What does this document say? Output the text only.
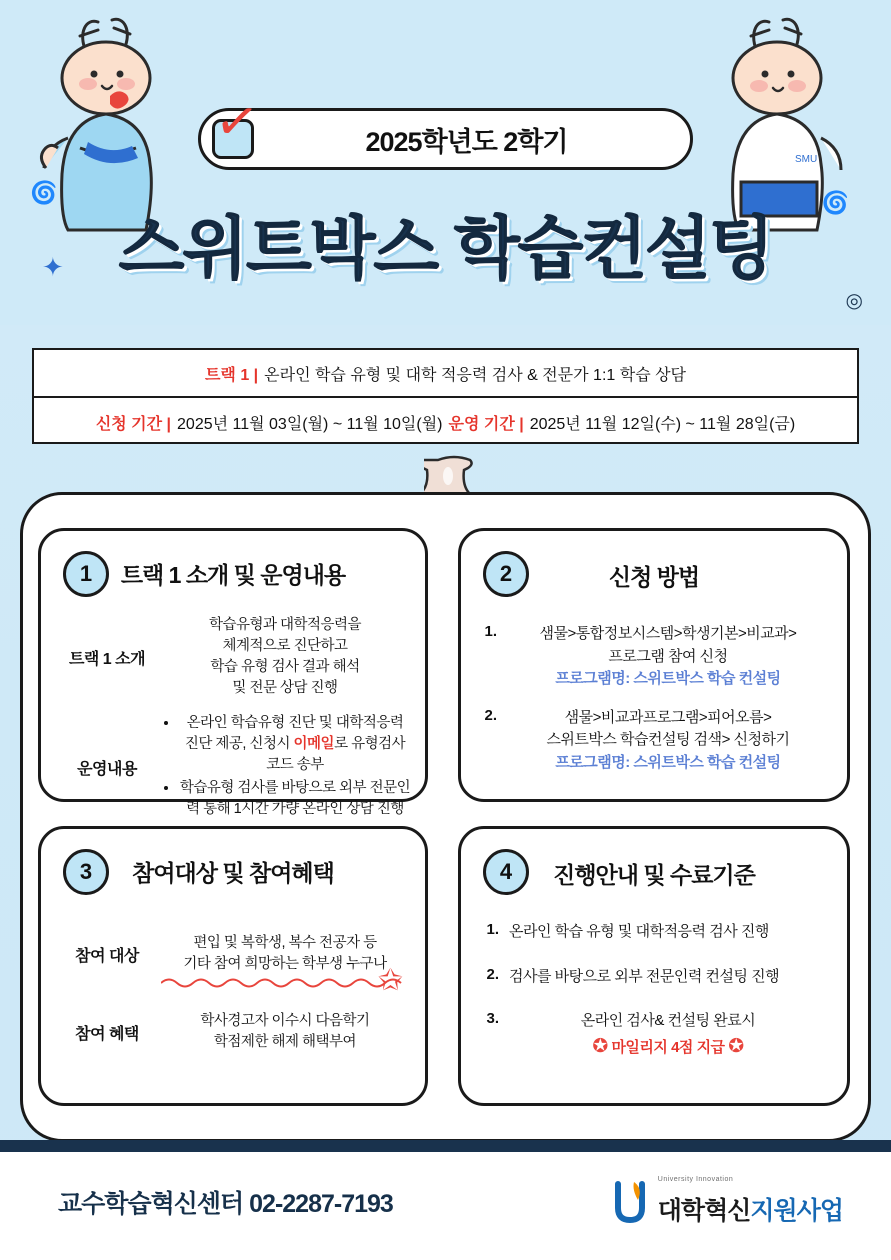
SMU
✦
🌀	🌀
◎
2025학년도 2학기
✓
스위트박스 학습컨설팅
트랙 1 | 온라인 학습 유형 및 대학 적응력 검사 & 전문가 1:1 학습 상담
신청 기간 | 2025년 11월 03일(월) ~ 11월 10일(월) 운영 기간 | 2025년 11월 12일(수) ~ 11월 28일(금)
1	트랙 1 소개 및 운영내용
트랙 1 소개
학습유형과 대학적응력을
체계적으로 진단하고
학습 유형 검사 결과 해석
및 전문 상담 진행
운영내용
• 온라인 학습유형 진단 및 대학적응력 진단 제공, 신청시 이메일로 유형검사 코드 송부
• 학습유형 검사를 바탕으로 외부 전문인력 통해 1시간 가량 온라인 상담 진행
2	신청 방법
1.	샘물>통합정보시스템>학생기본>비교과>
프로그램 참여 신청
프로그램명: 스위트박스 학습 컨설팅
2.	샘물>비교과프로그램>피어오름>
스위트박스 학습컨설팅 검색> 신청하기
프로그램명: 스위트박스 학습 컨설팅
3	참여대상 및 참여혜택
참여 대상
편입 및 복학생, 복수 전공자 등
기타 참여 희망하는 학부생 누구나
참여 혜택
학사경고자 이수시 다음학기
학점제한 해제 해택부여
✩
4	진행안내 및 수료기준
1. 온라인 학습 유형 및 대학적응력 검사 진행
2. 검사를 바탕으로 외부 전문인력 컨설팅 진행
3.	온라인 검사& 컨설팅 완료시
✪ 마일리지 4점 지급 ✪
교수학습혁신센터 02-2287-7193
University Innovation
대학혁신지원사업
